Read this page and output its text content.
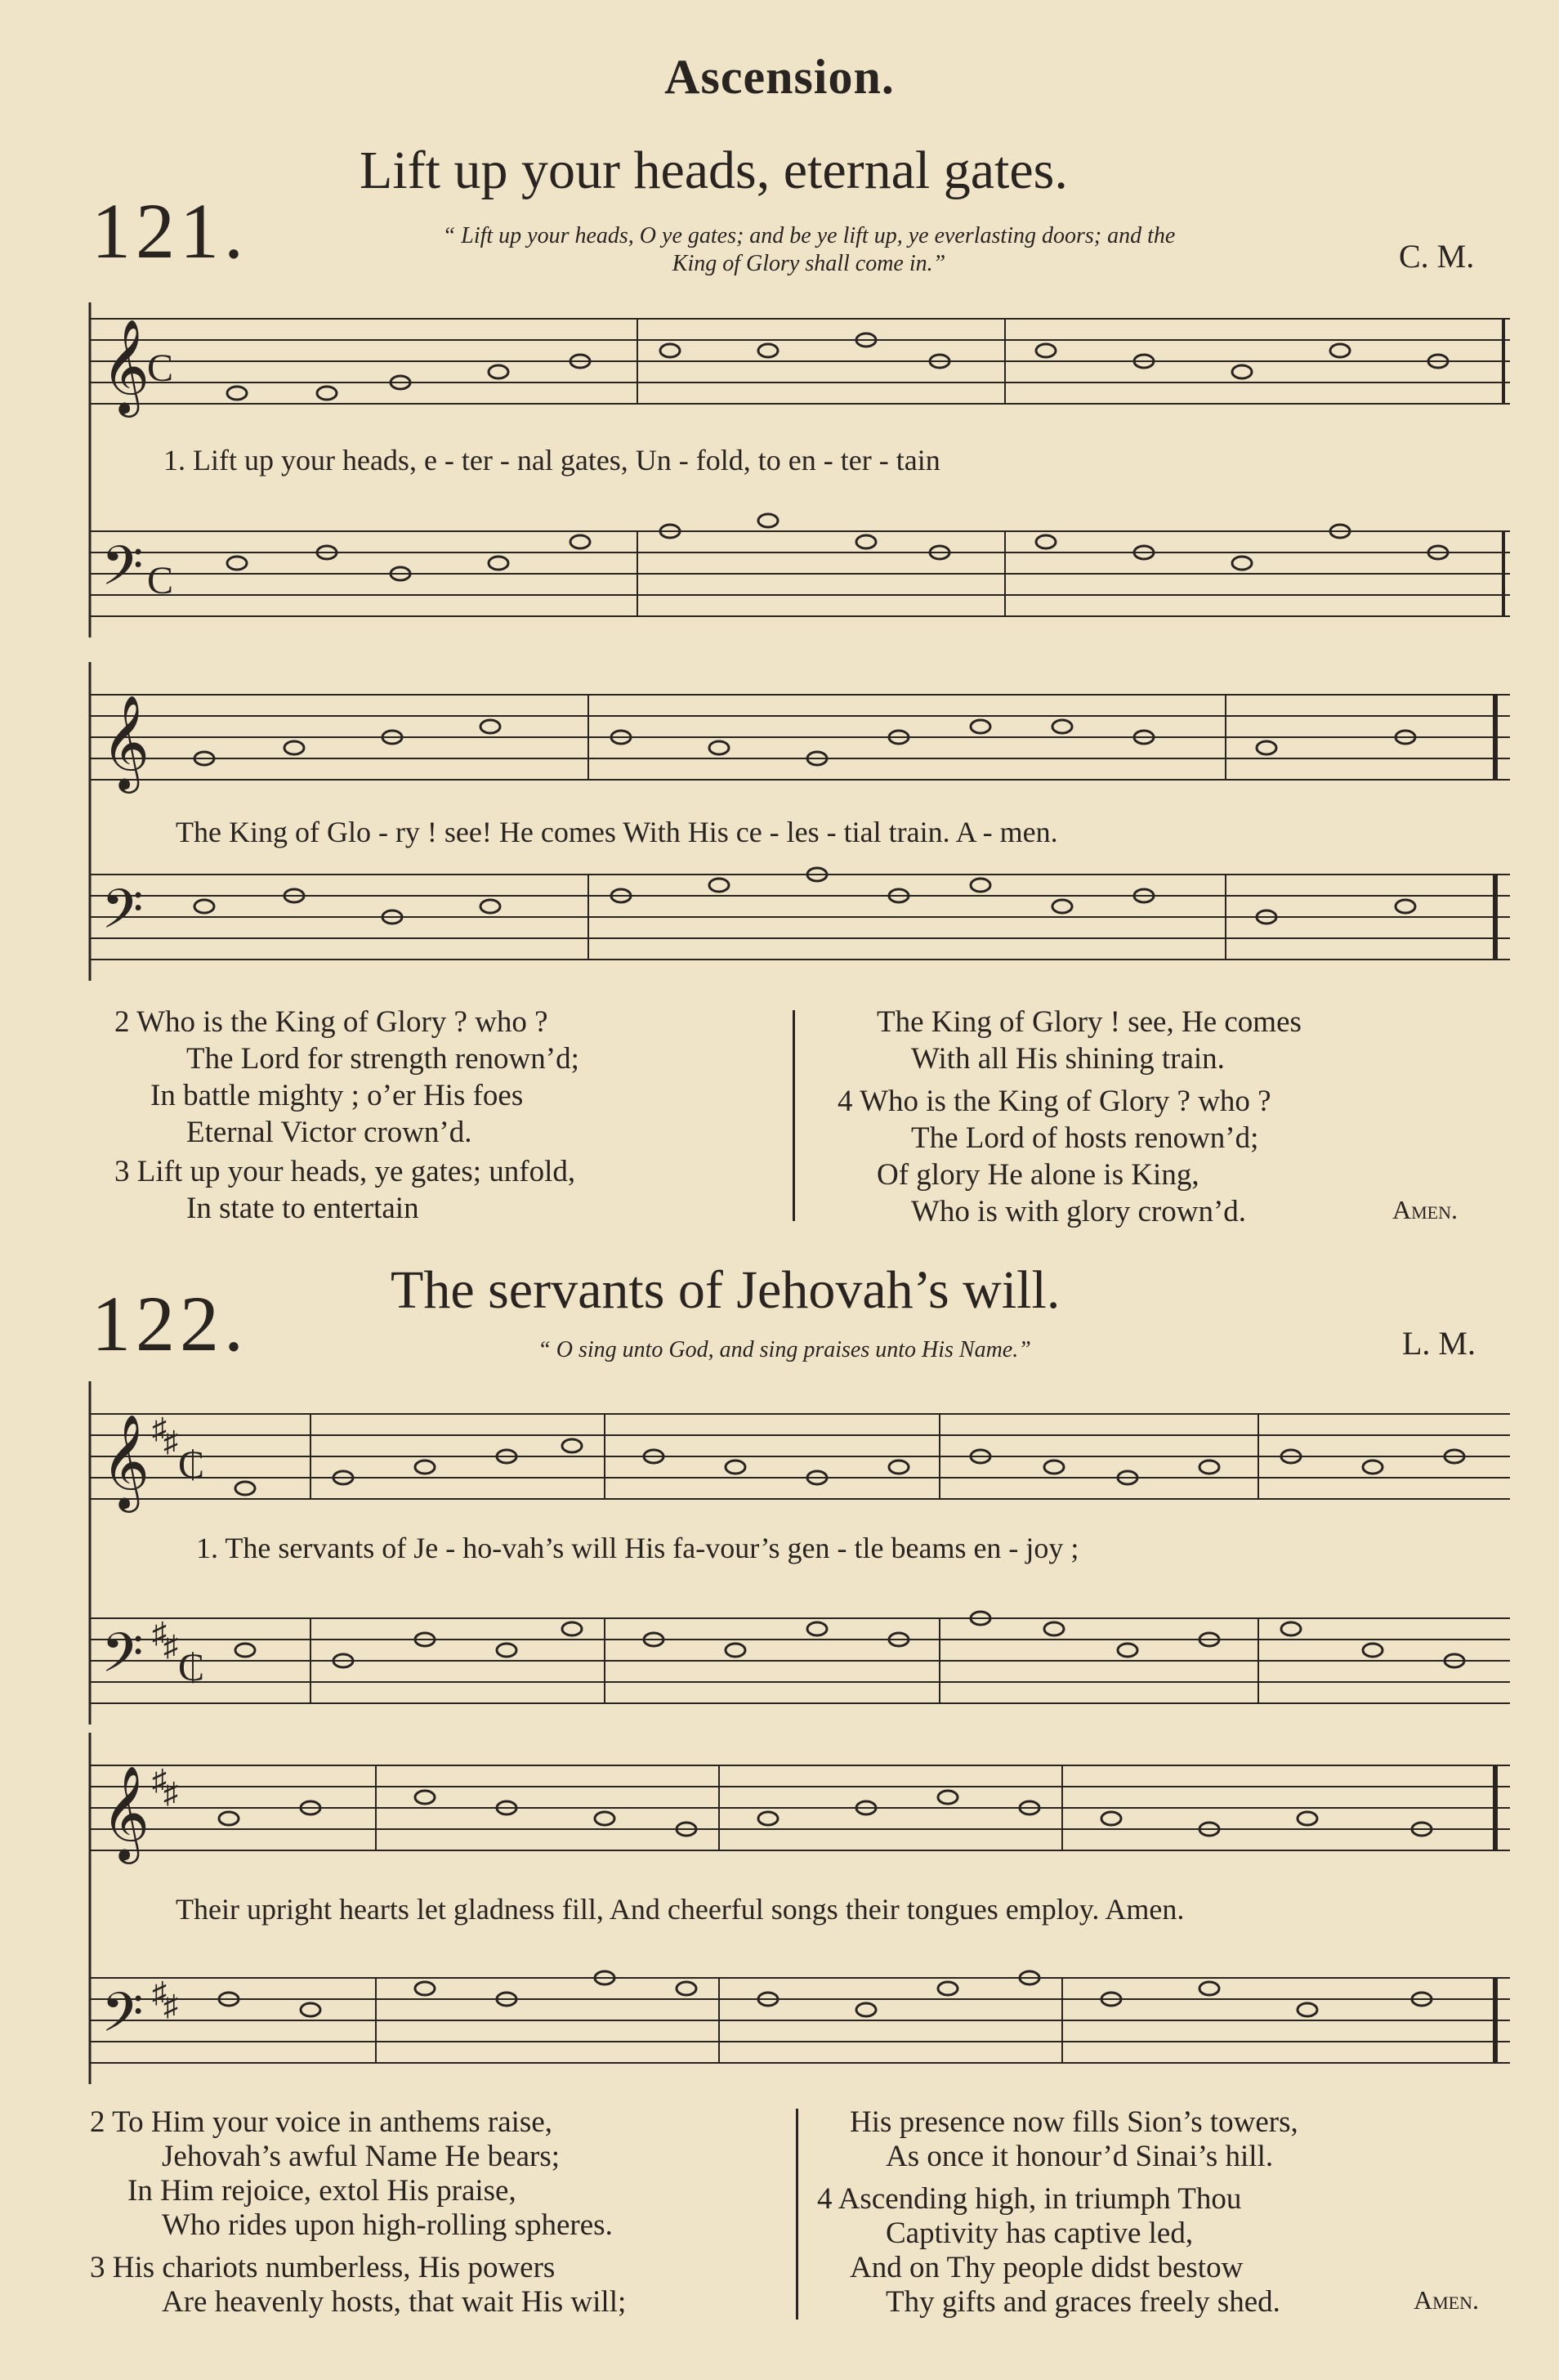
Ascension.
121.
Lift up your heads, eternal gates.
“ Lift up your heads, O ye gates; and be ye lift up, ye everlasting doors; and the
King of Glory shall come in.”	C. M.
𝄞
𝄢
C
C
1. Lift up your heads, e - ter - nal gates, Un - fold, to en - ter - tain
𝄞
𝄢
The King of Glo - ry ! see! He comes With His ce - les - tial train. A - men.
2 Who is the King of Glory ? who ?
The Lord for strength renown’d;
In battle mighty ; o’er His foes
Eternal Victor crown’d.
3 Lift up your heads, ye gates; unfold,
In state to entertain
The King of Glory ! see, He comes
With all His shining train.
4 Who is the King of Glory ? who ?
The Lord of hosts renown’d;
Of glory He alone is King,
Who is with glory crown’d.	Amen.
122.	The servants of Jehovah’s will.
“ O sing unto God, and sing praises unto His Name.”	L. M.
𝄞
𝄢
♯
♯
₵
♯
♯ ₵
1. The servants of Je - ho-vah’s will His fa-vour’s gen - tle beams en - joy ;
𝄞
𝄢
♯
♯
♯
♯
Their upright hearts let gladness fill, And cheerful songs their tongues employ. Amen.
2 To Him your voice in anthems raise,
Jehovah’s awful Name He bears;
In Him rejoice, extol His praise,
Who rides upon high-rolling spheres.
3 His chariots numberless, His powers
Are heavenly hosts, that wait His will;
His presence now fills Sion’s towers,
As once it honour’d Sinai’s hill.
4 Ascending high, in triumph Thou
Captivity has captive led,
And on Thy people didst bestow
Thy gifts and graces freely shed.	Amen.
